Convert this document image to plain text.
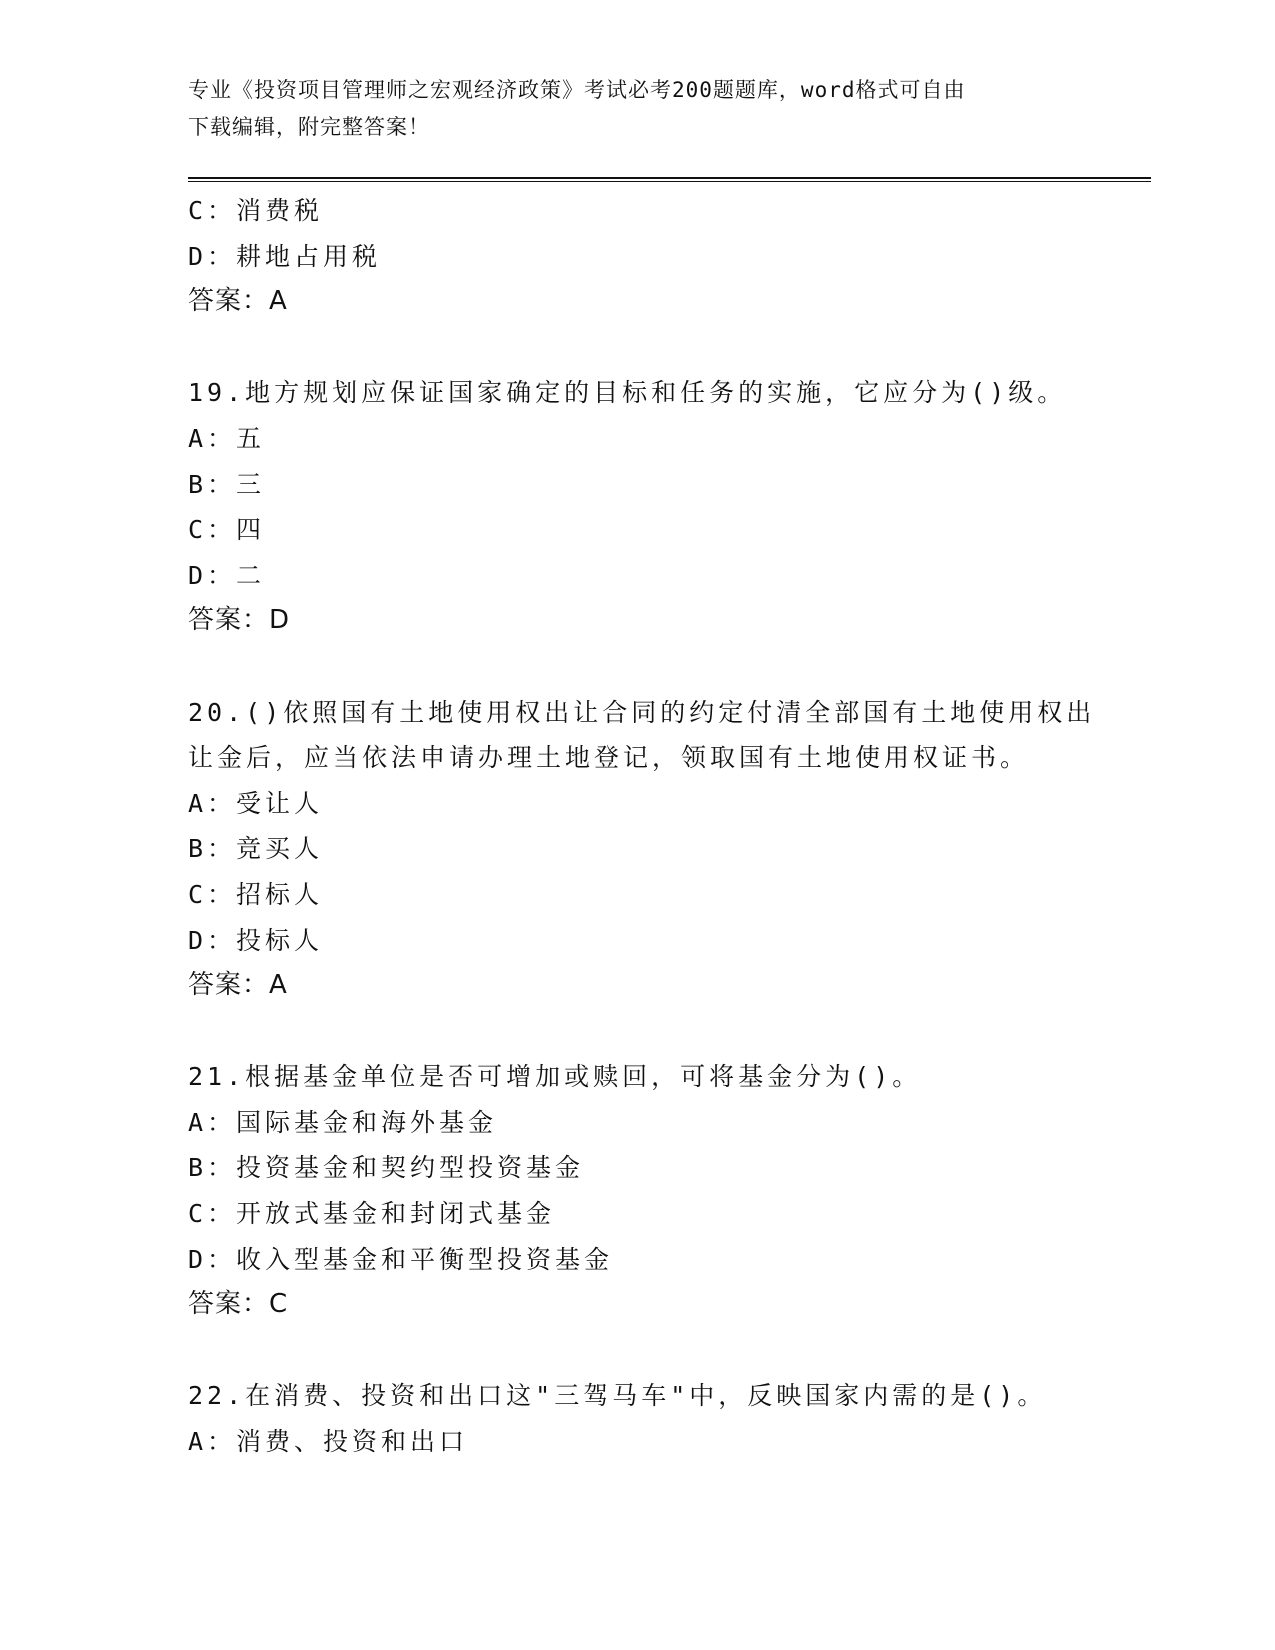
专业《投资项目管理师之宏观经济政策》考试必考200题题库，word格式可自由
下载编辑，附完整答案！
C：消费税
D：耕地占用税
答案：A
19.地方规划应保证国家确定的目标和任务的实施，它应分为()级。
A：五
B：三
C：四
D：二
答案：D
20.()依照国有土地使用权出让合同的约定付清全部国有土地使用权出
让金后，应当依法申请办理土地登记，领取国有土地使用权证书。
A：受让人
B：竞买人
C：招标人
D：投标人
答案：A
21.根据基金单位是否可增加或赎回，可将基金分为()。
A：国际基金和海外基金
B：投资基金和契约型投资基金
C：开放式基金和封闭式基金
D：收入型基金和平衡型投资基金
答案：C
22.在消费、投资和出口这"三驾马车"中，反映国家内需的是()。
A：消费、投资和出口
